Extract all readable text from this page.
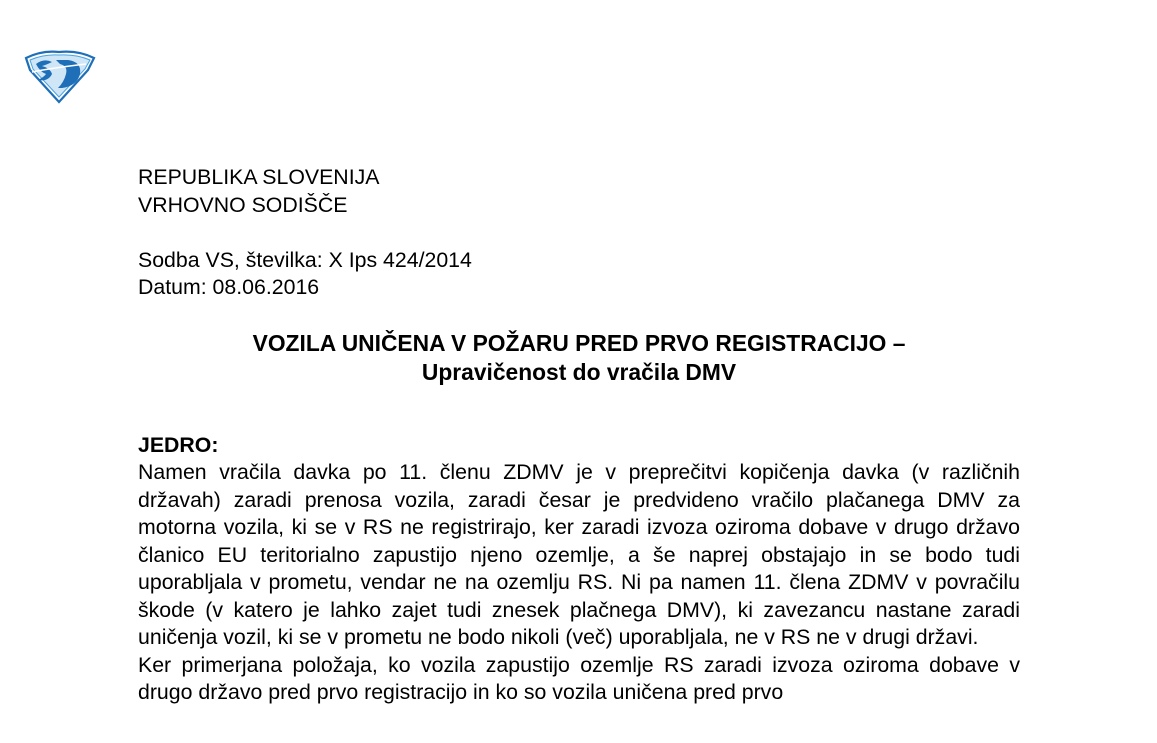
REPUBLIKA SLOVENIJA

VRHOVNO SODIŠČE

Sodba VS, številka: X Ips 424/2014

Datum: 08.06.2016

VOZILA UNIČENA V POŽARU PRED PRVO REGISTRACIJO –

Upravičenost do vračila DMV

JEDRO:

Namen vračila davka po 11. členu ZDMV je v preprečitvi kopičenja davka (v različnih državah) zaradi prenosa vozila, zaradi česar je predvideno vračilo plačanega DMV za motorna vozila, ki se v RS ne registrirajo, ker zaradi izvoza oziroma dobave v drugo državo članico EU teritorialno zapustijo njeno ozemlje, a še naprej obstajajo in se bodo tudi uporabljala v prometu, vendar ne na ozemlju RS. Ni pa namen 11. člena ZDMV v povračilu škode (v katero je lahko zajet tudi znesek plačnega DMV), ki zavezancu nastane zaradi uničenja vozil, ki se v prometu ne bodo nikoli (več) uporabljala, ne v RS ne v drugi državi.

Ker primerjana položaja, ko vozila zapustijo ozemlje RS zaradi izvoza oziroma dobave v drugo državo pred prvo registracijo in ko so vozila uničena pred prvo
